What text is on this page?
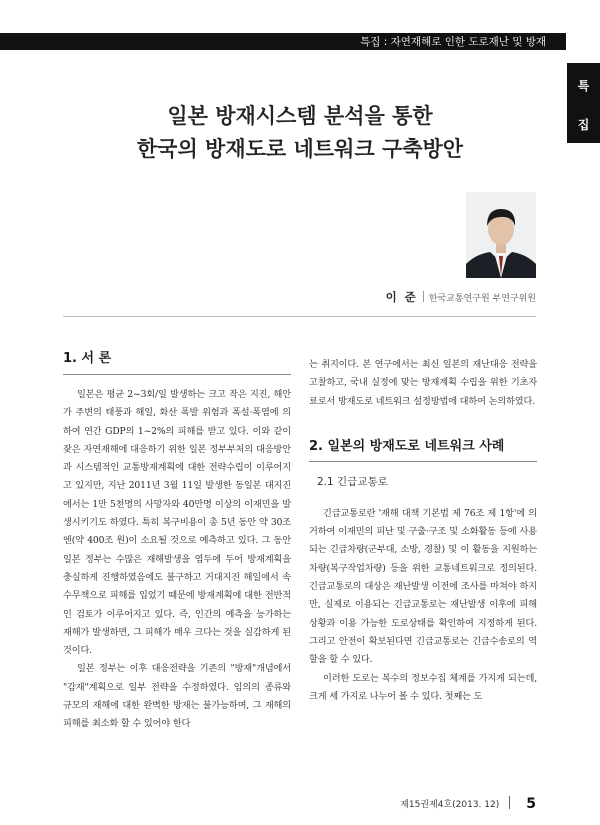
특집 : 자연재해로 인한 도로재난 및 방재
특
집
일본 방재시스템 분석을 통한
한국의 방재도로 네트워크 구축방안
이 준 한국교통연구원 부연구위원

1. 서 론

일본은 평균 2~3회/일 발생하는 크고 작은 지진, 해안가 주변의 태풍과 해일, 화산 폭발 위험과 폭설·폭염에 의하여 연간 GDP의 1~2%의 피해를 받고 있다. 이와 같이 잦은 자연재해에 대응하기 위한 일본 정부부처의 대응방안과 시스템적인 교통방재계획에 대한 전략수립이 이루어지고 있지만, 지난 2011년 3월 11일 발생한 동일본 대지진에서는 1만 5천명의 사망자와 40만명 이상의 이재민을 발생시키기도 하였다. 특히 복구비용이 총 5년 동안 약 30조 엔(약 400조 원)이 소요될 것으로 예측하고 있다. 그 동안 일본 정부는 수많은 재해발생을 염두에 두어 방재계획을 충실하게 진행하였음에도 불구하고 거대지진 해일에서 속수무책으로 피해를 입었기 때문에 방재계획에 대한 전반적인 검토가 이루어지고 있다. 즉, 인간의 예측을 능가하는 재해가 발생하면, 그 피해가 매우 크다는 것을 실감하게 된 것이다.

일본 정부는 이후 대응전략을 기존의 "방재"개념에서 "감재"계획으로 일부 전략을 수정하였다. 임의의 종류와 규모의 재해에 대한 완벽한 방재는 불가능하며, 그 재해의 피해를 최소화 할 수 있어야 한다

는 취지이다. 본 연구에서는 최신 일본의 재난대응 전략을 고찰하고, 국내 실정에 맞는 방재계획 수립을 위한 기초자료로서 방재도로 네트워크 설정방법에 대하여 논의하였다.

2. 일본의 방재도로 네트워크 사례

2.1 긴급교통로

긴급교통로란 '재해 대책 기본법 제 76조 제 1항'에 의거하여 이재민의 피난 및 구출·구조 및 소화활동 등에 사용되는 긴급차량(군부대, 소방, 경찰) 및 이 활동을 지원하는 차량(복구작업차량) 등을 위한 교통네트워크로 정의된다. 긴급교통로의 대상은 재난발생 이전에 조사를 마쳐야 하지만, 실제로 이용되는 긴급교통로는 재난발생 이후에 피해상황과 이용 가능한 도로상태를 확인하여 지정하게 된다. 그리고 안전이 확보된다면 긴급교통로는 긴급수송로의 역할을 할 수 있다.

이러한 도로는 복수의 정보수집 체계를 가지게 되는데, 크게 세 가지로 나누어 볼 수 있다. 첫째는 도

제15권제4호(2013. 12) 5
